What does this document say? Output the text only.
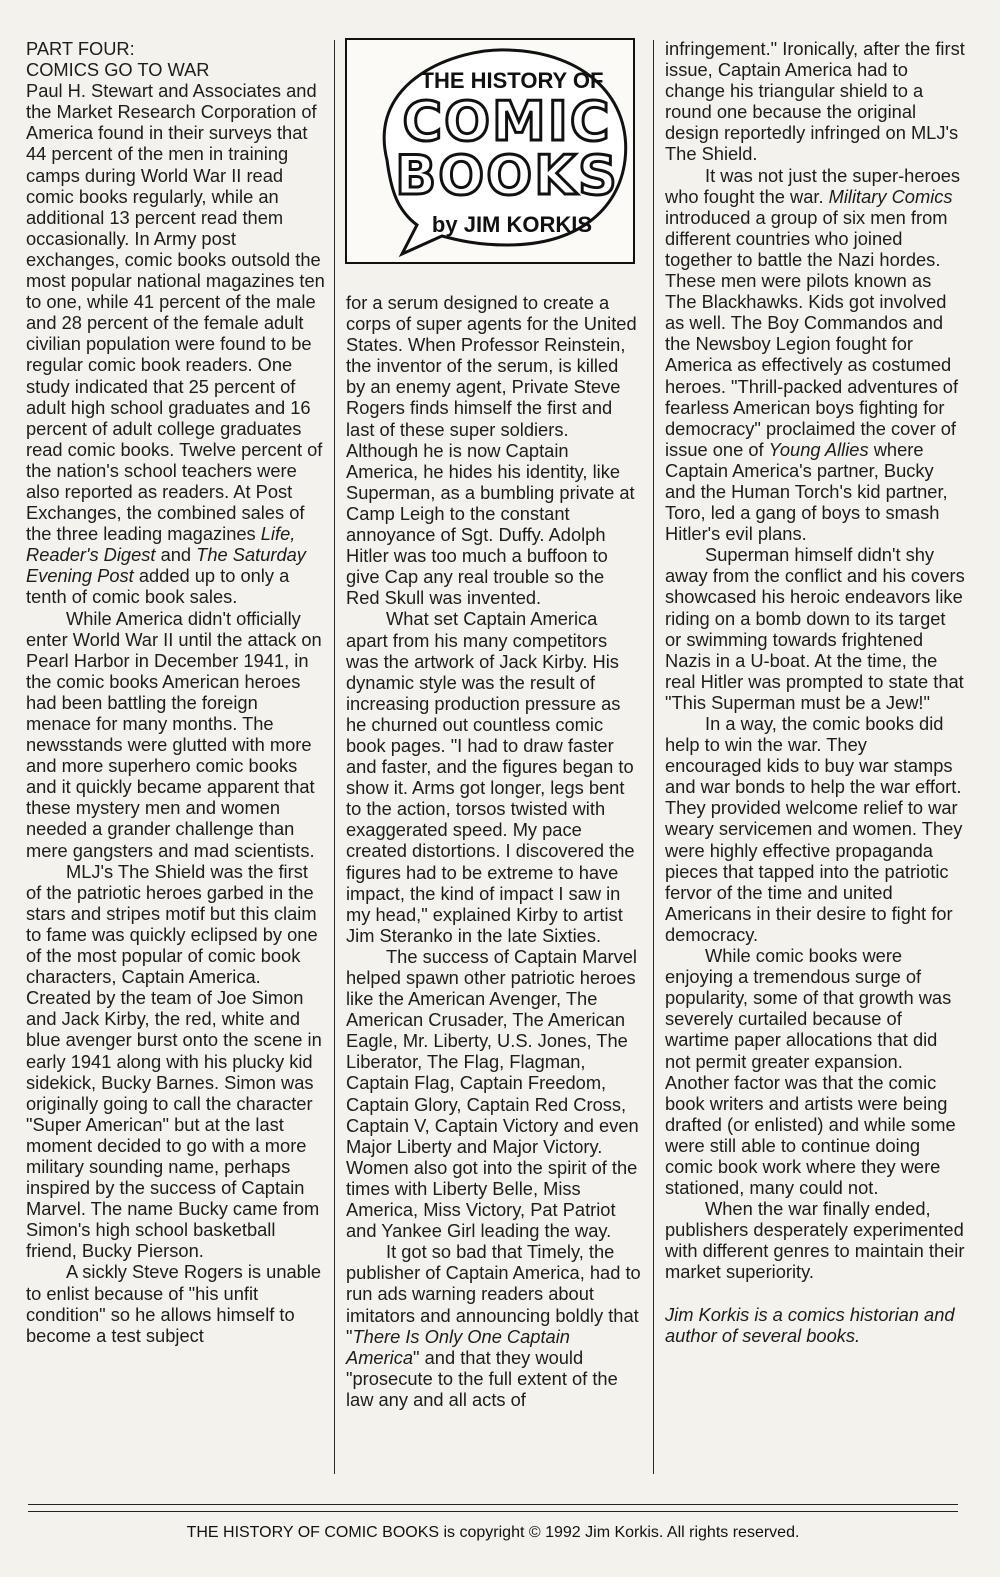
PART FOUR:
COMICS GO TO WAR

Paul H. Stewart and Associates and the Market Research Corporation of America found in their surveys that 44 percent of the men in training camps during World War II read comic books regularly, while an additional 13 percent read them occasionally. In Army post exchanges, comic books outsold the most popular national magazines ten to one, while 41 percent of the male and 28 percent of the female adult civilian population were found to be regular comic book readers. One study indicated that 25 percent of adult high school graduates and 16 percent of adult college graduates read comic books. Twelve percent of the nation's school teachers were also reported as readers. At Post Exchanges, the combined sales of the three leading magazines Life, Reader's Digest and The Saturday Evening Post added up to only a tenth of comic book sales.

While America didn't officially enter World War II until the attack on Pearl Harbor in December 1941, in the comic books American heroes had been battling the foreign menace for many months. The newsstands were glutted with more and more superhero comic books and it quickly became apparent that these mystery men and women needed a grander challenge than mere gangsters and mad scientists.

MLJ's The Shield was the first of the patriotic heroes garbed in the stars and stripes motif but this claim to fame was quickly eclipsed by one of the most popular of comic book characters, Captain America. Created by the team of Joe Simon and Jack Kirby, the red, white and blue avenger burst onto the scene in early 1941 along with his plucky kid sidekick, Bucky Barnes. Simon was originally going to call the character "Super American" but at the last moment decided to go with a more military sounding name, perhaps inspired by the success of Captain Marvel. The name Bucky came from Simon's high school basketball friend, Bucky Pierson.

A sickly Steve Rogers is unable to enlist because of "his unfit condition" so he allows himself to become a test subject

THE HISTORY OF
COMIC
BOOKS
by JIM KORKIS

for a serum designed to create a corps of super agents for the United States. When Professor Reinstein, the inventor of the serum, is killed by an enemy agent, Private Steve Rogers finds himself the first and last of these super soldiers. Although he is now Captain America, he hides his identity, like Superman, as a bumbling private at Camp Leigh to the constant annoyance of Sgt. Duffy. Adolph Hitler was too much a buffoon to give Cap any real trouble so the Red Skull was invented.

What set Captain America apart from his many competitors was the artwork of Jack Kirby. His dynamic style was the result of increasing production pressure as he churned out countless comic book pages. "I had to draw faster and faster, and the figures began to show it. Arms got longer, legs bent to the action, torsos twisted with exaggerated speed. My pace created distortions. I discovered the figures had to be extreme to have impact, the kind of impact I saw in my head," explained Kirby to artist Jim Steranko in the late Sixties.

The success of Captain Marvel helped spawn other patriotic heroes like the American Avenger, The American Crusader, The American Eagle, Mr. Liberty, U.S. Jones, The Liberator, The Flag, Flagman, Captain Flag, Captain Freedom, Captain Glory, Captain Red Cross, Captain V, Captain Victory and even Major Liberty and Major Victory. Women also got into the spirit of the times with Liberty Belle, Miss America, Miss Victory, Pat Patriot and Yankee Girl leading the way.

It got so bad that Timely, the publisher of Captain America, had to run ads warning readers about imitators and announcing boldly that "There Is Only One Captain America" and that they would "prosecute to the full extent of the law any and all acts of

infringement." Ironically, after the first issue, Captain America had to change his triangular shield to a round one because the original design reportedly infringed on MLJ's The Shield.

It was not just the super-heroes who fought the war. Military Comics introduced a group of six men from different countries who joined together to battle the Nazi hordes. These men were pilots known as The Blackhawks. Kids got involved as well. The Boy Commandos and the Newsboy Legion fought for America as effectively as costumed heroes. "Thrill-packed adventures of fearless American boys fighting for democracy" proclaimed the cover of issue one of Young Allies where Captain America's partner, Bucky and the Human Torch's kid partner, Toro, led a gang of boys to smash Hitler's evil plans.

Superman himself didn't shy away from the conflict and his covers showcased his heroic endeavors like riding on a bomb down to its target or swimming towards frightened Nazis in a U-boat. At the time, the real Hitler was prompted to state that "This Superman must be a Jew!"

In a way, the comic books did help to win the war. They encouraged kids to buy war stamps and war bonds to help the war effort. They provided welcome relief to war weary servicemen and women. They were highly effective propaganda pieces that tapped into the patriotic fervor of the time and united Americans in their desire to fight for democracy.

While comic books were enjoying a tremendous surge of popularity, some of that growth was severely curtailed because of wartime paper allocations that did not permit greater expansion. Another factor was that the comic book writers and artists were being drafted (or enlisted) and while some were still able to continue doing comic book work where they were stationed, many could not.

When the war finally ended, publishers desperately experimented with different genres to maintain their market superiority.

Jim Korkis is a comics historian and author of several books.

THE HISTORY OF COMIC BOOKS is copyright © 1992 Jim Korkis. All rights reserved.
